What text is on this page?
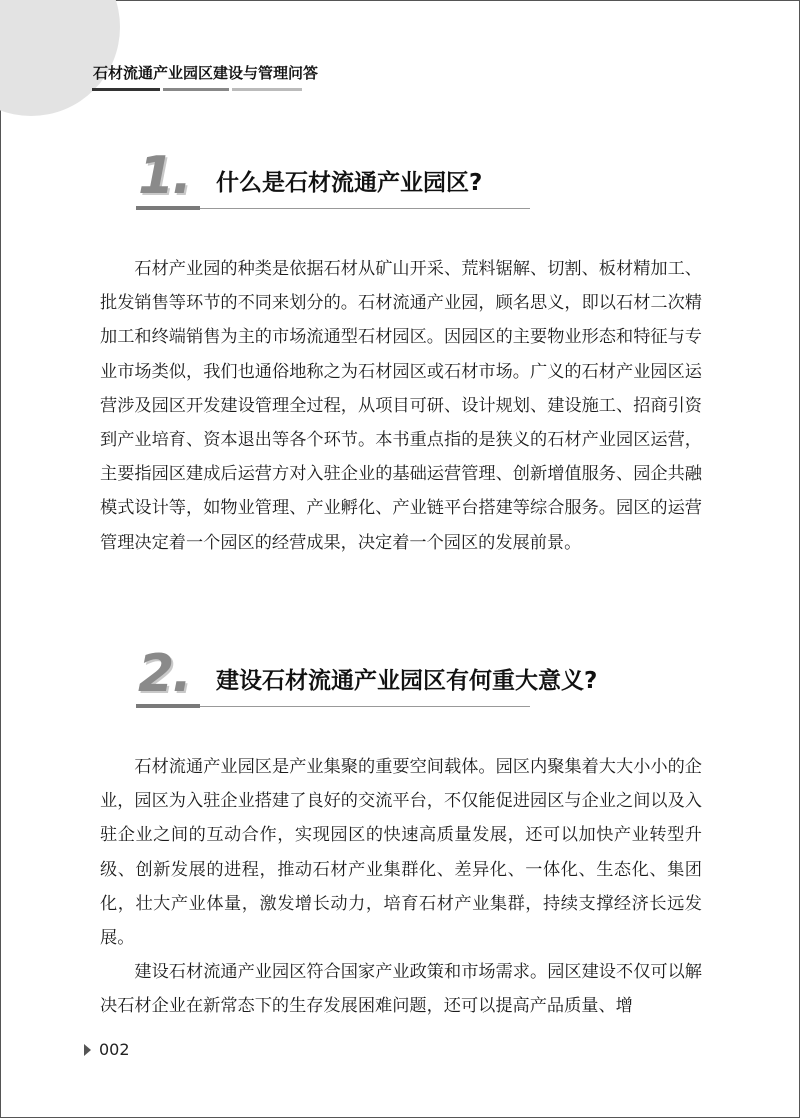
石材流通产业园区建设与管理问答
1. 什么是石材流通产业园区?

石材产业园的种类是依据石材从矿山开采、荒料锯解、切割、板材精加工、批发销售等环节的不同来划分的。石材流通产业园，顾名思义，即以石材二次精加工和终端销售为主的市场流通型石材园区。因园区的主要物业形态和特征与专业市场类似，我们也通俗地称之为石材园区或石材市场。广义的石材产业园区运营涉及园区开发建设管理全过程，从项目可研、设计规划、建设施工、招商引资到产业培育、资本退出等各个环节。本书重点指的是狭义的石材产业园区运营，主要指园区建成后运营方对入驻企业的基础运营管理、创新增值服务、园企共融模式设计等，如物业管理、产业孵化、产业链平台搭建等综合服务。园区的运营管理决定着一个园区的经营成果，决定着一个园区的发展前景。

2. 建设石材流通产业园区有何重大意义?

石材流通产业园区是产业集聚的重要空间载体。园区内聚集着大大小小的企业，园区为入驻企业搭建了良好的交流平台，不仅能促进园区与企业之间以及入驻企业之间的互动合作，实现园区的快速高质量发展，还可以加快产业转型升级、创新发展的进程，推动石材产业集群化、差异化、一体化、生态化、集团化，壮大产业体量，激发增长动力，培育石材产业集群，持续支撑经济长远发展。

建设石材流通产业园区符合国家产业政策和市场需求。园区建设不仅可以解决石材企业在新常态下的生存发展困难问题，还可以提高产品质量、增

002
